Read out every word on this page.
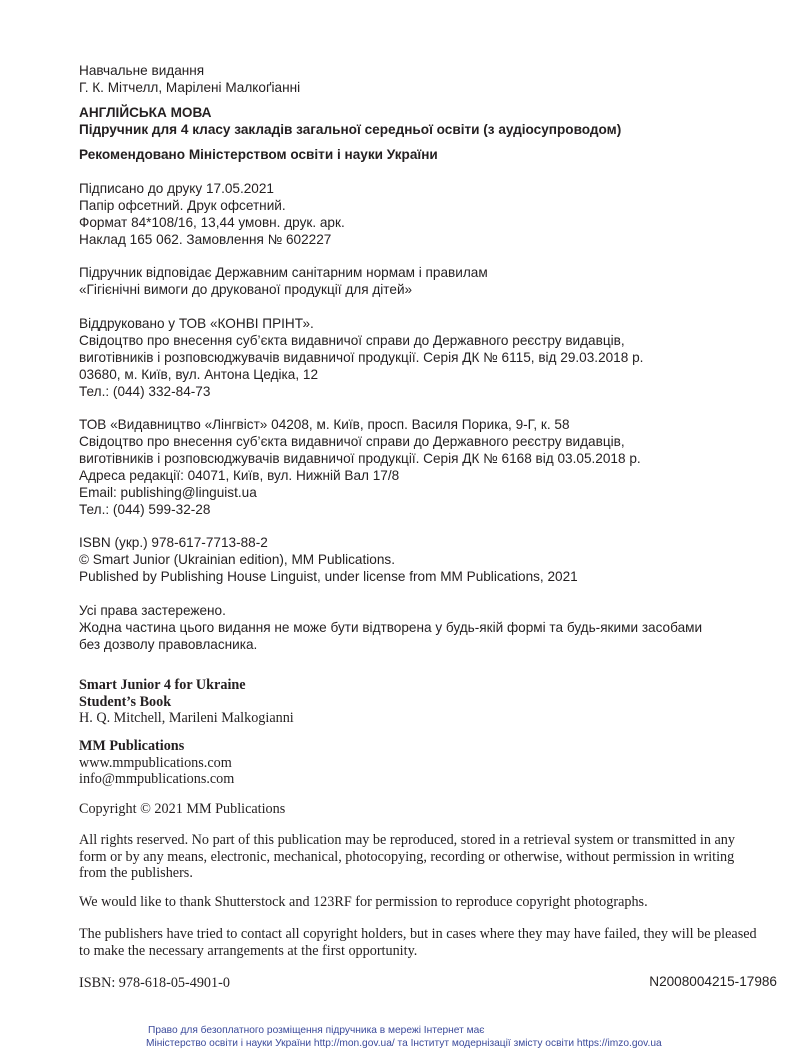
Навчальне видання
Г. К. Мітчелл, Марілені Малкоґіанні
АНГЛІЙСЬКА МОВА
Підручник для 4 класу закладів загальної середньої освіти (з аудіосупроводом)
Рекомендовано Міністерством освіти і науки України
Підписано до друку 17.05.2021
Папір офсетний. Друк офсетний.
Формат 84*108/16, 13,44 умовн. друк. арк.
Наклад 165 062. Замовлення № 602227
Підручник відповідає Державним санітарним нормам і правилам
«Гігієнічні вимоги до друкованої продукції для дітей»
Віддруковано у ТОВ «КОНВІ ПРІНТ».
Свідоцтво про внесення суб’єкта видавничої справи до Державного реєстру видавців,
виготівників і розповсюджувачів видавничої продукції. Серія ДК № 6115, від 29.03.2018 р.
03680, м. Київ, вул. Антона Цедіка, 12
Тел.: (044) 332-84-73
ТОВ «Видавництво «Лінгвіст» 04208, м. Київ, просп. Василя Порика, 9-Г, к. 58
Свідоцтво про внесення суб’єкта видавничої справи до Державного реєстру видавців,
виготівників і розповсюджувачів видавничої продукції. Серія ДК № 6168 від 03.05.2018 р.
Адреса редакції: 04071, Київ, вул. Нижній Вал 17/8
Email: publishing@linguist.ua
Тел.: (044) 599-32-28
ISBN (укр.) 978-617-7713-88-2
© Smart Junior (Ukrainian edition), MM Publications.
Published by Publishing House Linguist, under license from MM Publications, 2021
Усі права застережено.
Жодна частина цього видання не може бути відтворена у будь-якій формі та будь-якими засобами
без дозволу правовласника.
Smart Junior 4 for Ukraine
Student’s Book
H. Q. Mitchell, Marileni Malkogianni
MM Publications
www.mmpublications.com
info@mmpublications.com
Copyright © 2021 MM Publications
All rights reserved. No part of this publication may be reproduced, stored in a retrieval system or transmitted in any
form or by any means, electronic, mechanical, photocopying, recording or otherwise, without permission in writing
from the publishers.
We would like to thank Shutterstock and 123RF for permission to reproduce copyright photographs.
The publishers have tried to contact all copyright holders, but in cases where they may have failed, they will be pleased
to make the necessary arrangements at the first opportunity.
ISBN: 978-618-05-4901-0	N2008004215-17986
Право для безоплатного розміщення підручника в мережі Інтернет має
Міністерство освіти і науки України http://mon.gov.ua/ та Інститут модернізації змісту освіти https://imzo.gov.ua
